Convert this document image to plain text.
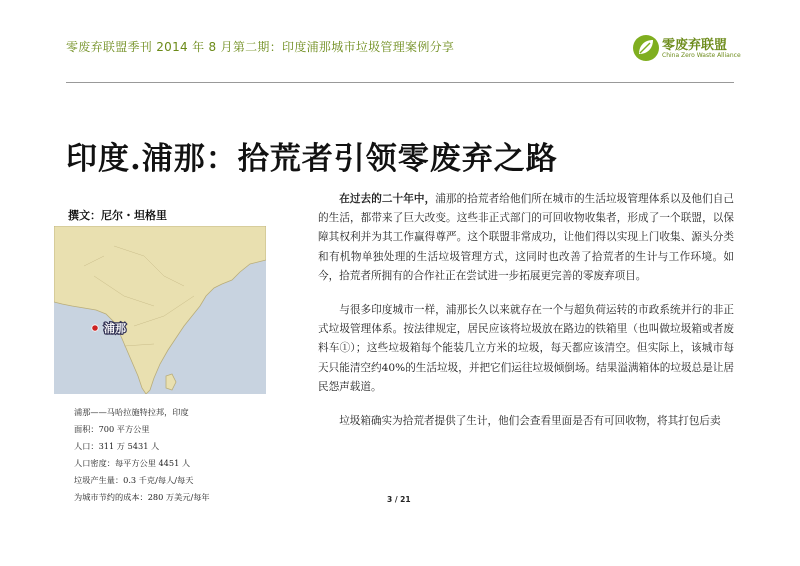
零废弃联盟季刊 2014 年 8 月第二期：印度浦那城市垃圾管理案例分享	零废弃联盟
China Zero Waste Alliance
印度.浦那：拾荒者引领零废弃之路
撰文：尼尔・坦格里
浦那
浦那——马哈拉施特拉邦，印度
面积：700 平方公里
人口：311 万 5431 人
人口密度：每平方公里 4451 人
垃圾产生量：0.3 千克/每人/每天
为城市节约的成本：280 万美元/每年

在过去的二十年中，浦那的拾荒者给他们所在城市的生活垃圾管理体系以及他们自己的生活，都带来了巨大改变。这些非正式部门的可回收物收集者，形成了一个联盟，以保障其权利并为其工作赢得尊严。这个联盟非常成功，让他们得以实现上门收集、源头分类和有机物单独处理的生活垃圾管理方式，这同时也改善了拾荒者的生计与工作环境。如今，拾荒者所拥有的合作社正在尝试进一步拓展更完善的零废弃项目。

与很多印度城市一样，浦那长久以来就存在一个与超负荷运转的市政系统并行的非正式垃圾管理体系。按法律规定，居民应该将垃圾放在路边的铁箱里（也叫做垃圾箱或者废料车①）；这些垃圾箱每个能装几立方米的垃圾，每天都应该清空。但实际上，该城市每天只能清空约40%的生活垃圾，并把它们运往垃圾倾倒场。结果溢满箱体的垃圾总是让居民怨声载道。

垃圾箱确实为拾荒者提供了生计，他们会查看里面是否有可回收物，将其打包后卖

3 / 21
